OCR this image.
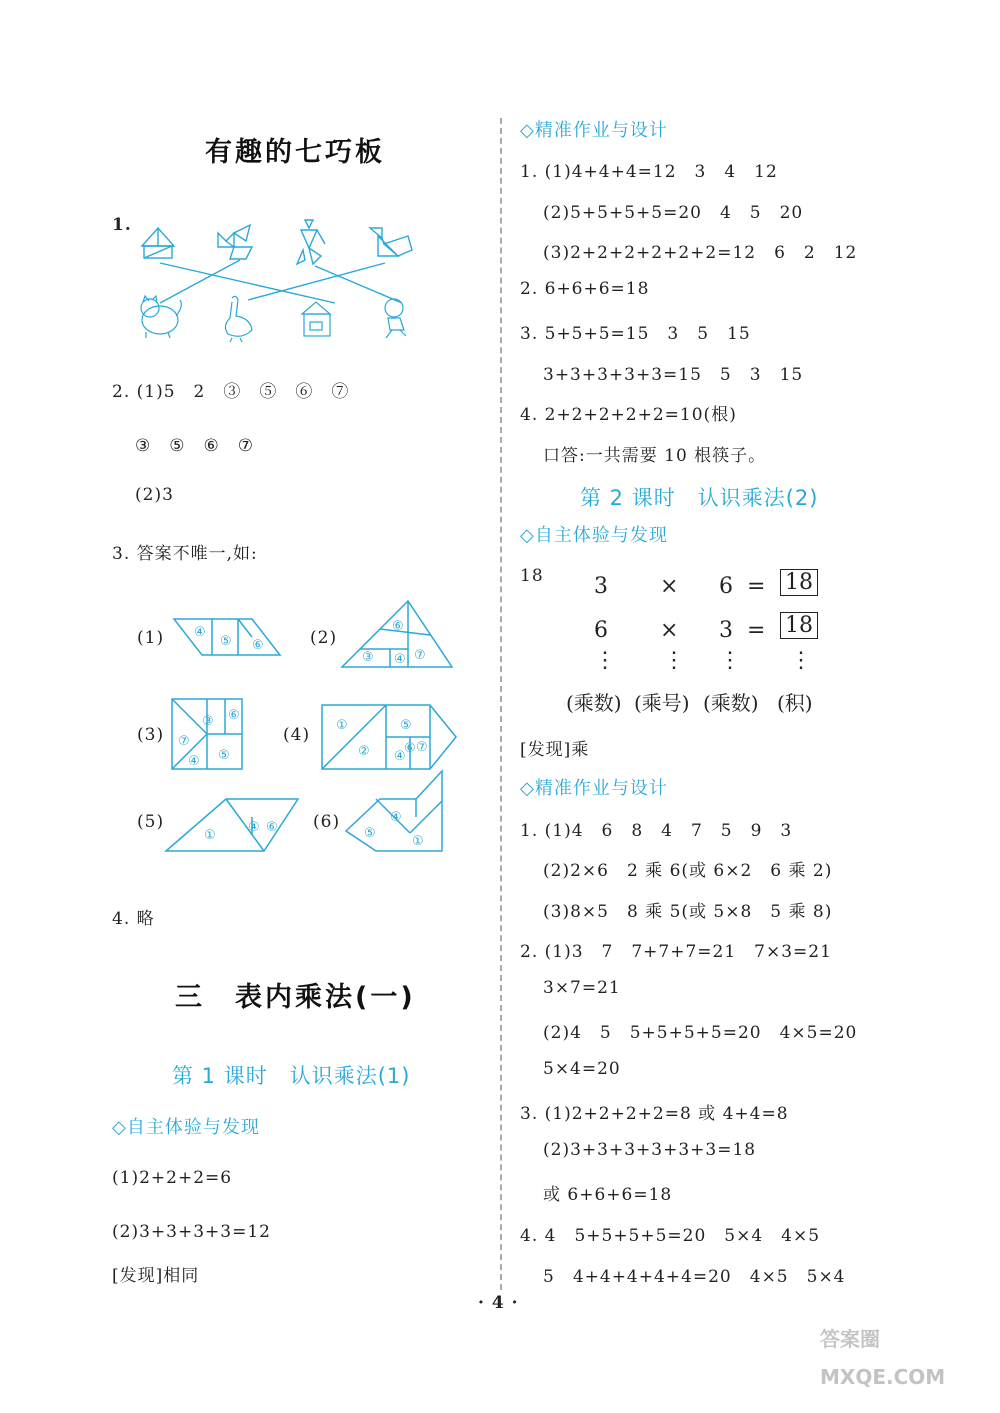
有趣的七巧板
1.
2. (1)5　2　③　⑤　⑥　⑦
③　⑤　⑥　⑦
(2)3
3. 答案不唯一,如:
(1)	(2)
(3)	(4)
(5)	(6)
④
⑤ ⑥
⑥
③ ④ ⑦
⑥
③
⑦
④ ⑤
①
②
⑤
④
⑦
⑥
①
④ ⑥	⑤
④
①
4. 略
三　表内乘法(一)
第 1 课时　认识乘法(1)
◇自主体验与发现
(1)2+2+2=6
(2)3+3+3+3=12
[发现]相同
◇精准作业与设计
1. (1)4+4+4=12　3　4　12
(2)5+5+5+5=20　4　5　20
(3)2+2+2+2+2+2=12　6　2　12
2. 6+6+6=18
3. 5+5+5=15　3　5　15
3+3+3+3+3=15　5　3　15
4. 2+2+2+2+2=10(根)
口答:一共需要 10 根筷子。
第 2 课时　认识乘法(2)
◇自主体验与发现
18 3 × 6 = 18
6 × 3 = 18
⋮ ⋮ ⋮ ⋮
(乘数) (乘号) (乘数) (积)
[发现]乘
◇精准作业与设计
1. (1)4　6　8　4　7　5　9　3
(2)2×6　2 乘 6(或 6×2　6 乘 2)
(3)8×5　8 乘 5(或 5×8　5 乘 8)
2. (1)3　7　7+7+7=21　7×3=21
3×7=21
(2)4　5　5+5+5+5=20　4×5=20
5×4=20
3. (1)2+2+2+2=8 或 4+4=8
(2)3+3+3+3+3+3=18
或 6+6+6=18
4. 4　5+5+5+5=20　5×4　4×5
5　4+4+4+4+4=20　4×5　5×4
· 4 ·
答案圈 MXQE.COM
